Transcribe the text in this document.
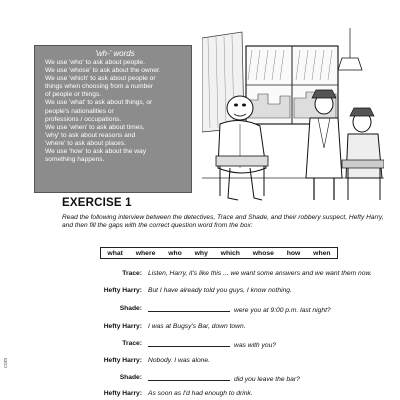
'wh-' words

We use 'who' to ask about people.

We use 'whose' to ask about the owner.

We use 'which' to ask about people or

things when choosing from a number

of people or things.

We use 'what' to ask about things, or

people's nationalities or

professions / occupations.

We use 'when' to ask about times,

'why' to ask about reasons and

'where' to ask about places.

We use 'how' to ask about the way

something happens.

EXERCISE 1
Read the following interview between the detectives, Trace and Shade, and their robbery suspect, Hefty Harry, and then fill the gaps with the correct question word from the box:
what where who why which whose how when
Trace: Listen, Harry, it's like this ... we want some answers and we want them now.
Hefty Harry: But I have already told you guys, I know nothing.
Shade:	were you at 9:00 p.m. last night?
Hefty Harry: I was at Bugsy's Bar, down town.
Trace:	was with you?
Hefty Harry: Nobody. I was alone.
Shade:	did you leave the bar?
Hefty Harry: As soon as I'd had enough to drink.
com
